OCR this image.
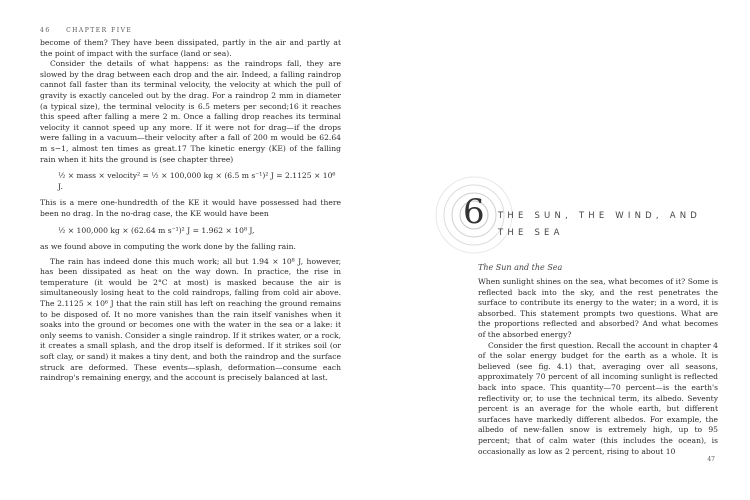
46	CHAPTER FIVE

become of them? They have been dissipated, partly in the air and partly at the point of impact with the surface (land or sea).

Consider the details of what happens: as the raindrops fall, they are slowed by the drag between each drop and the air. Indeed, a falling raindrop cannot fall faster than its terminal velocity, the velocity at which the pull of gravity is exactly canceled out by the drag. For a raindrop 2 mm in diameter (a typical size), the terminal velocity is 6.5 meters per second;16 it reaches this speed after falling a mere 2 m. Once a falling drop reaches its terminal velocity it cannot speed up any more. If it were not for drag—if the drops were falling in a vacuum—their velocity after a fall of 200 m would be 62.64 m s−1, almost ten times as great.17 The kinetic energy (KE) of the falling rain when it hits the ground is (see chapter three)

½ × mass × velocity² = ½ × 100,000 kg × (6.5 m s⁻¹)² J = 2.1125 × 10⁶ J.

This is a mere one-hundredth of the KE it would have possessed had there been no drag. In the no-drag case, the KE would have been

½ × 100,000 kg × (62.64 m s⁻¹)² J = 1.962 × 10⁸ J,

as we found above in computing the work done by the falling rain.

The rain has indeed done this much work; all but 1.94 × 10⁸ J, however, has been dissipated as heat on the way down. In practice, the rise in temperature (it would be 2°C at most) is masked because the air is simultaneously losing heat to the cold raindrops, falling from cold air above. The 2.1125 × 10⁶ J that the rain still has left on reaching the ground remains to be disposed of. It no more vanishes than the rain itself vanishes when it soaks into the ground or becomes one with the water in the sea or a lake: it only seems to vanish. Consider a single raindrop. If it strikes water, or a rock, it creates a small splash, and the drop itself is deformed. If it strikes soil (or soft clay, or sand) it makes a tiny dent, and both the raindrop and the surface struck are deformed. These events—splash, deformation—consume each raindrop's remaining energy, and the account is precisely balanced at last.

6 THE SUN, THE WIND, AND THE SEA
The Sun and the Sea

When sunlight shines on the sea, what becomes of it? Some is reflected back into the sky, and the rest penetrates the surface to contribute its energy to the water; in a word, it is absorbed. This statement prompts two questions. What are the proportions reflected and absorbed? And what becomes of the absorbed energy?

Consider the first question. Recall the account in chapter 4 of the solar energy budget for the earth as a whole. It is believed (see fig. 4.1) that, averaging over all seasons, approximately 70 percent of all incoming sunlight is reflected back into space. This quantity—70 percent—is the earth's reflectivity or, to use the technical term, its albedo. Seventy percent is an average for the whole earth, but different surfaces have markedly different albedos. For example, the albedo of new-fallen snow is extremely high, up to 95 percent; that of calm water (this includes the ocean), is occasionally as low as 2 percent, rising to about 10

47
